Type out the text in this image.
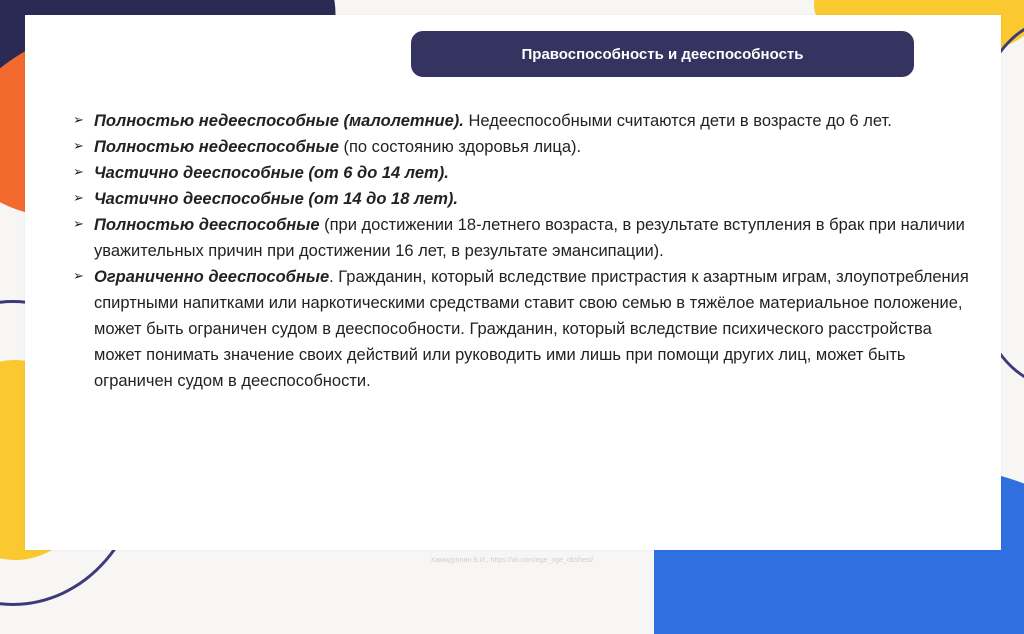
Правоспособность и дееспособность
➢ Полностью недееспособные (малолетние). Недееспособными считаются дети в возрасте до 6 лет.
➢ Полностью недееспособные (по состоянию здоровья лица).
➢ Частично дееспособные (от 6 до 14 лет).
➢ Частично дееспособные (от 14 до 18 лет).
➢ Полностью дееспособные (при достижении 18-летнего возраста, в результате вступления в брак при наличии уважительных причин при достижении 16 лет, в результате эмансипации).
➢ Ограниченно дееспособные. Гражданин, который вследствие пристрастия к азартным играм, злоупотребления спиртными напитками или наркотическими средствами ставит свою семью в тяжёлое материальное положение, может быть ограничен судом в дееспособности. Гражданин, который вследствие психического расстройства может понимать значение своих действий или руководить ими лишь при помощи других лиц, может быть ограничен судом в дееспособности.
Хамидуллин Б.И., https://vk.com/ege_oge_obshest/
